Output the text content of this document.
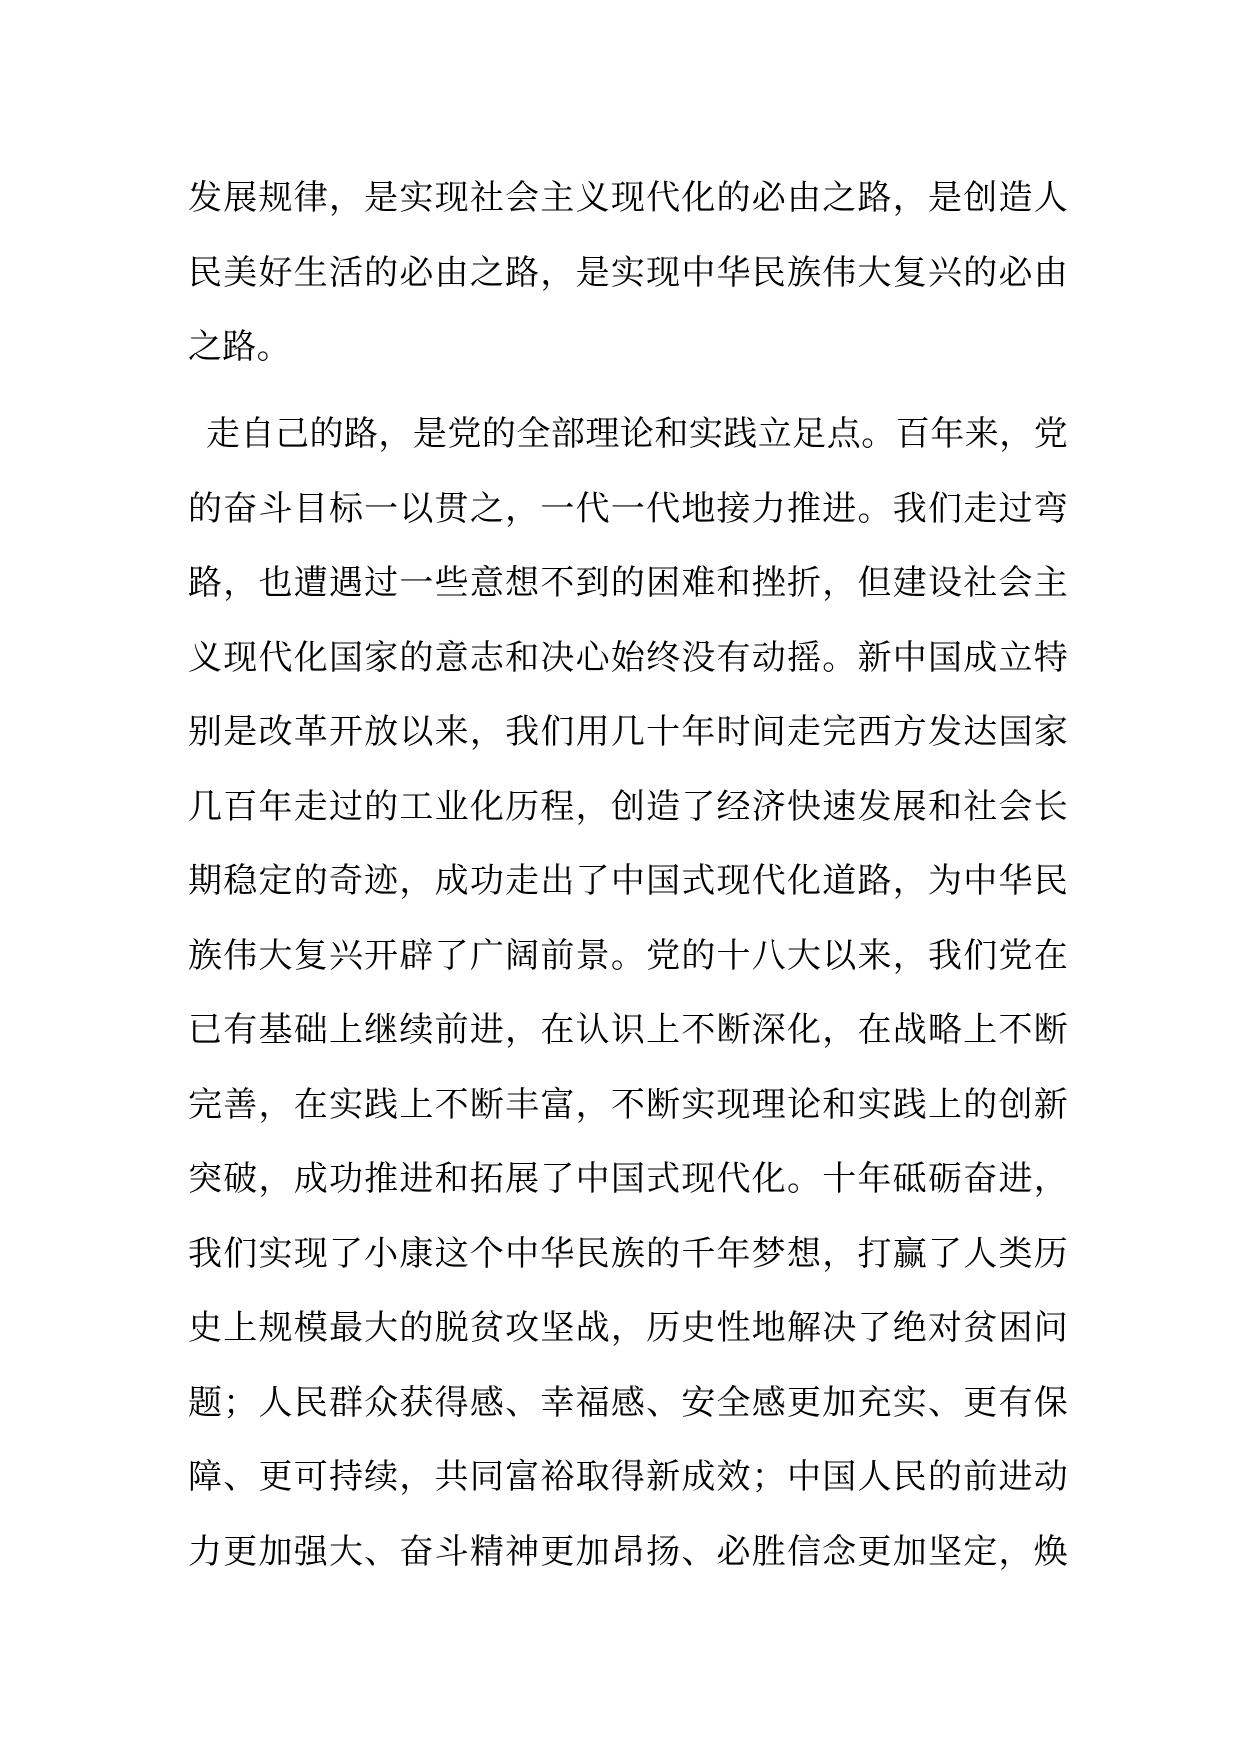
发展规律，是实现社会主义现代化的必由之路，是创造人
民美好生活的必由之路，是实现中华民族伟大复兴的必由
之路。
走自己的路，是党的全部理论和实践立足点。百年来，党
的奋斗目标一以贯之，一代一代地接力推进。我们走过弯
路，也遭遇过一些意想不到的困难和挫折，但建设社会主
义现代化国家的意志和决心始终没有动摇。新中国成立特
别是改革开放以来，我们用几十年时间走完西方发达国家
几百年走过的工业化历程，创造了经济快速发展和社会长
期稳定的奇迹，成功走出了中国式现代化道路，为中华民
族伟大复兴开辟了广阔前景。党的十八大以来，我们党在
已有基础上继续前进，在认识上不断深化，在战略上不断
完善，在实践上不断丰富，不断实现理论和实践上的创新
突破，成功推进和拓展了中国式现代化。十年砥砺奋进，
我们实现了小康这个中华民族的千年梦想，打赢了人类历
史上规模最大的脱贫攻坚战，历史性地解决了绝对贫困问
题；人民群众获得感、幸福感、安全感更加充实、更有保
障、更可持续，共同富裕取得新成效；中国人民的前进动
力更加强大、奋斗精神更加昂扬、必胜信念更加坚定，焕
